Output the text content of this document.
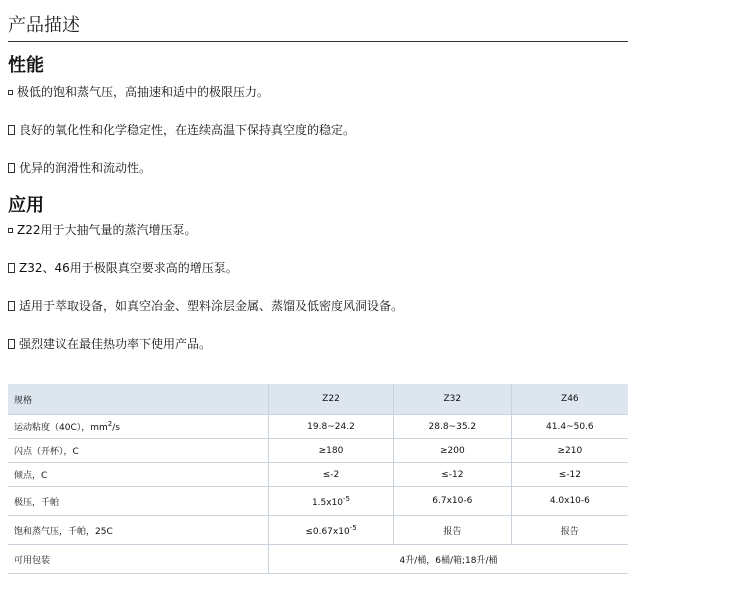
产品描述
性能
极低的饱和蒸气压，高抽速和适中的极限压力。
良好的氧化性和化学稳定性，在连续高温下保持真空度的稳定。
优异的润滑性和流动性。
应用
Z22用于大抽气量的蒸汽增压泵。
Z32、46用于极限真空要求高的增压泵。
适用于萃取设备，如真空冶金、塑料涂层金属、蒸馏及低密度风洞设备。
强烈建议在最佳热功率下使用产品。
规格	Z22	Z32	Z46
运动粘度（40C），$mm^2/s$	19.8~24.2	28.8~35.2	41.4~50.6
闪点（开杯），C	≥180	≥200	≥210
倾点，C	≤-2	≤-12	≤-12
极压，千帕	$1.5x10^{-5}$	6.7x10-6	4.0x10-6
饱和蒸气压，千帕，25C	$\le 0.67x10^{-5}$	报告	报告
可用包装	4升/桶，6桶/箱;18升/桶		
